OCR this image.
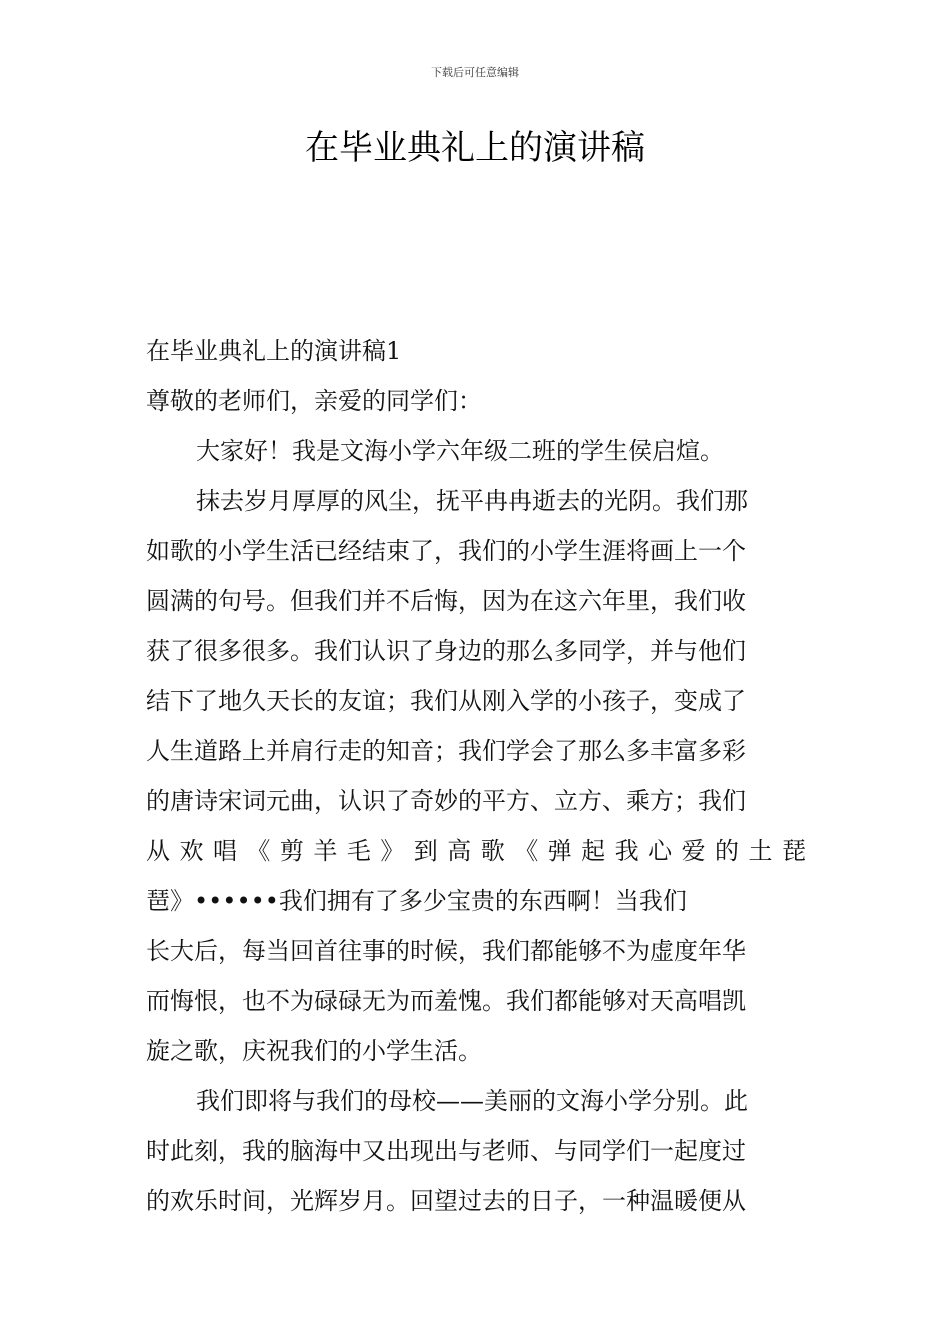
下载后可任意编辑
在毕业典礼上的演讲稿
在毕业典礼上的演讲稿1
尊敬的老师们，亲爱的同学们：
大家好！我是文海小学六年级二班的学生侯启煊。
抹去岁月厚厚的风尘，抚平冉冉逝去的光阴。我们那
如歌的小学生活已经结束了，我们的小学生涯将画上一个
圆满的句号。但我们并不后悔，因为在这六年里，我们收
获了很多很多。我们认识了身边的那么多同学，并与他们
结下了地久天长的友谊；我们从刚入学的小孩子，变成了
人生道路上并肩行走的知音；我们学会了那么多丰富多彩
的唐诗宋词元曲，认识了奇妙的平方、立方、乘方；我们
从 欢 唱 《 剪 羊 毛 》 到 高 歌 《 弹 起 我 心 爱 的 土 琵
琶》••••••我们拥有了多少宝贵的东西啊！当我们
长大后，每当回首往事的时候，我们都能够不为虚度年华
而悔恨，也不为碌碌无为而羞愧。我们都能够对天高唱凯
旋之歌，庆祝我们的小学生活。
我们即将与我们的母校——美丽的文海小学分别。此
时此刻，我的脑海中又出现出与老师、与同学们一起度过
的欢乐时间，光辉岁月。回望过去的日子，一种温暖便从
